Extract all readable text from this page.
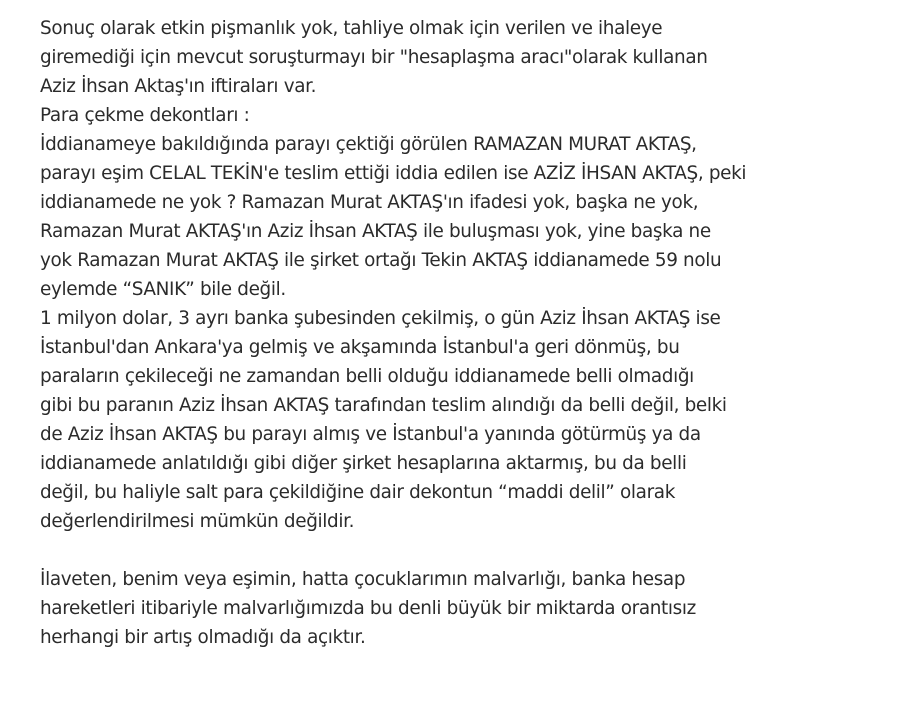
Sonuç olarak etkin pişmanlık yok, tahliye olmak için verilen ve ihaleye
giremediği için mevcut soruşturmayı bir "hesaplaşma aracı"olarak kullanan
Aziz İhsan Aktaş'ın iftiraları var.
Para çekme dekontları :
İddianameye bakıldığında parayı çektiği görülen RAMAZAN MURAT AKTAŞ,
parayı eşim CELAL TEKİN'e teslim ettiği iddia edilen ise AZİZ İHSAN AKTAŞ, peki
iddianamede ne yok ? Ramazan Murat AKTAŞ'ın ifadesi yok, başka ne yok,
Ramazan Murat AKTAŞ'ın Aziz İhsan AKTAŞ ile buluşması yok, yine başka ne
yok Ramazan Murat AKTAŞ ile şirket ortağı Tekin AKTAŞ iddianamede 59 nolu
eylemde “SANIK” bile değil.
1 milyon dolar, 3 ayrı banka şubesinden çekilmiş, o gün Aziz İhsan AKTAŞ ise
İstanbul'dan Ankara'ya gelmiş ve akşamında İstanbul'a geri dönmüş, bu
paraların çekileceği ne zamandan belli olduğu iddianamede belli olmadığı
gibi bu paranın Aziz İhsan AKTAŞ tarafından teslim alındığı da belli değil, belki
de Aziz İhsan AKTAŞ bu parayı almış ve İstanbul'a yanında götürmüş ya da
iddianamede anlatıldığı gibi diğer şirket hesaplarına aktarmış, bu da belli
değil, bu haliyle salt para çekildiğine dair dekontun “maddi delil” olarak
değerlendirilmesi mümkün değildir.
İlaveten, benim veya eşimin, hatta çocuklarımın malvarlığı, banka hesap
hareketleri itibariyle malvarlığımızda bu denli büyük bir miktarda orantısız
herhangi bir artış olmadığı da açıktır.
